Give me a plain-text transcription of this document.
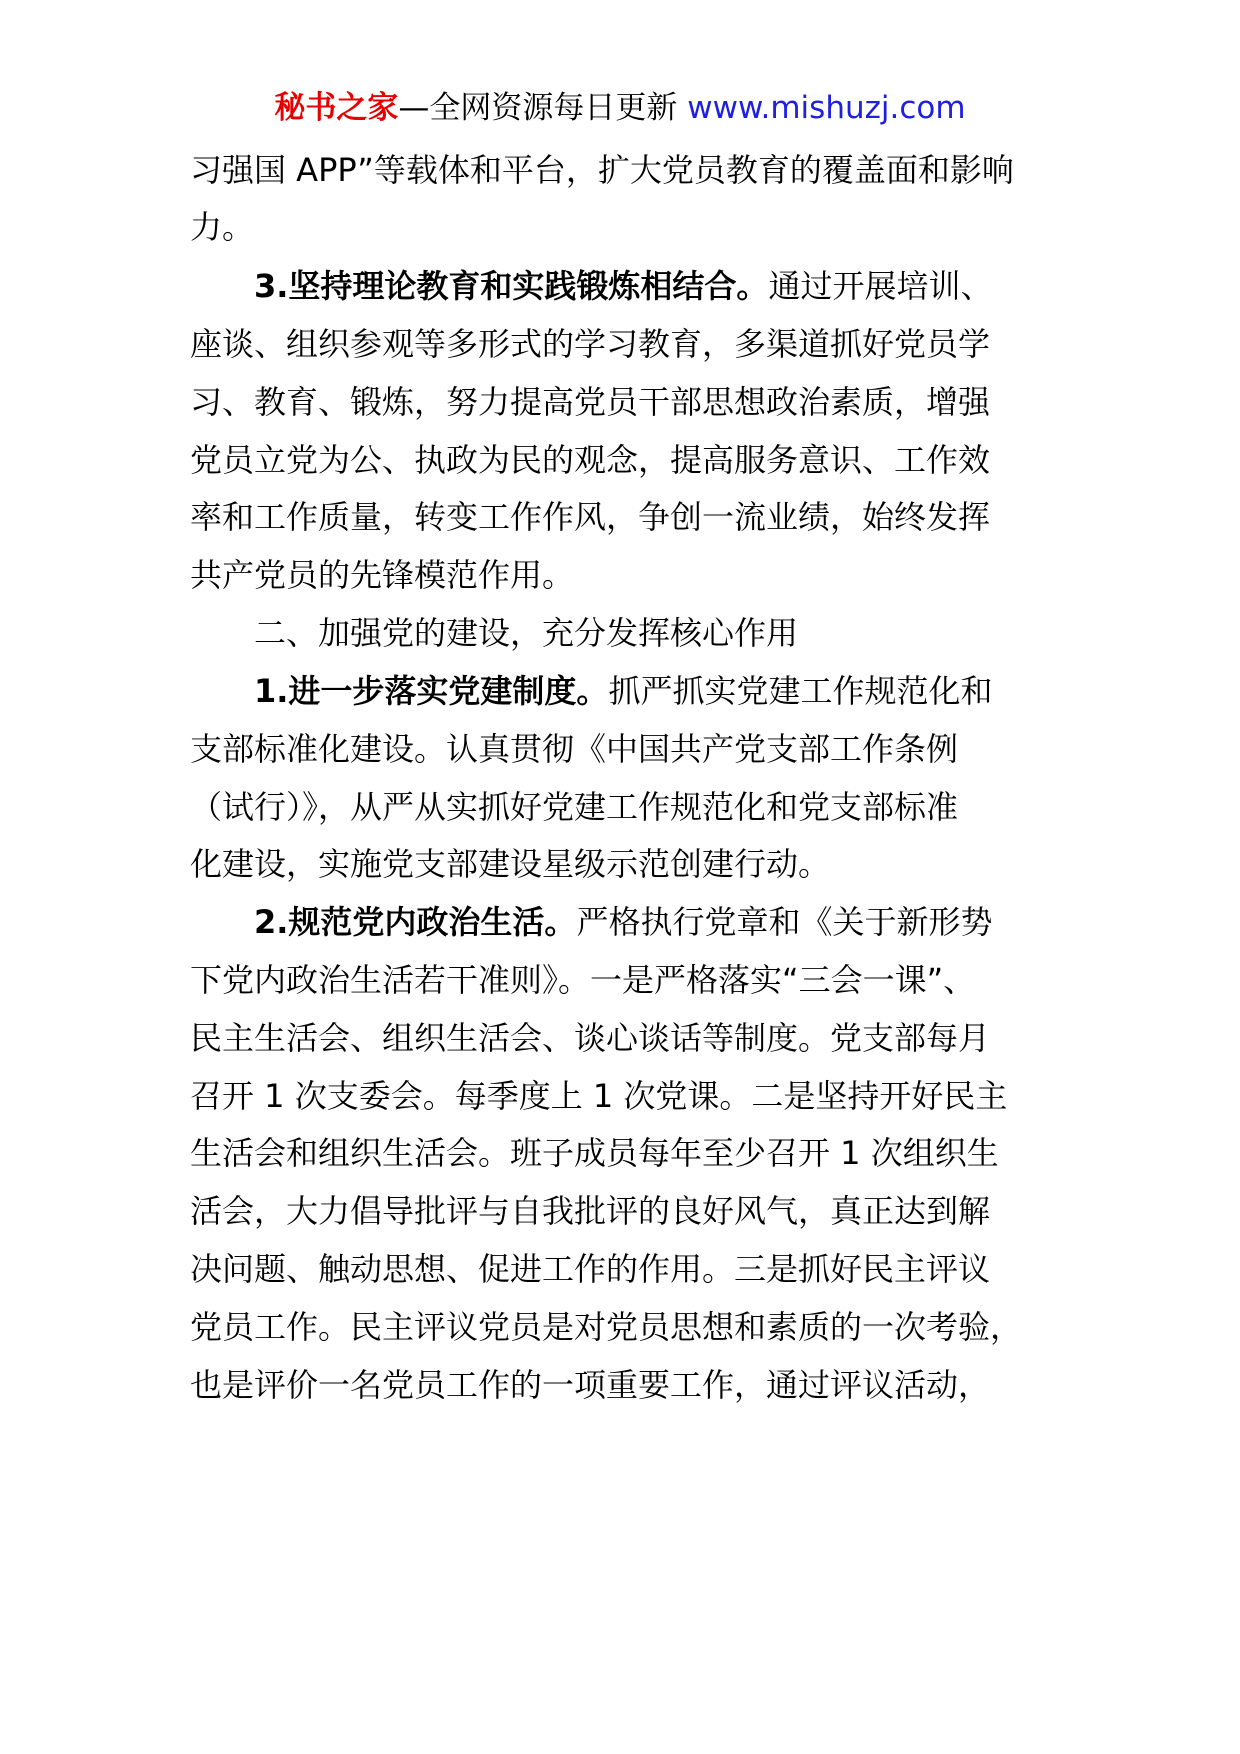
秘书之家—全网资源每日更新 www.mishuzj.com
习强国 APP”等载体和平台，扩大党员教育的覆盖面和影响
力。
3.坚持理论教育和实践锻炼相结合。通过开展培训、
座谈、组织参观等多形式的学习教育，多渠道抓好党员学
习、教育、锻炼，努力提高党员干部思想政治素质，增强
党员立党为公、执政为民的观念，提高服务意识、工作效
率和工作质量，转变工作作风，争创一流业绩，始终发挥
共产党员的先锋模范作用。
二、加强党的建设，充分发挥核心作用
1.进一步落实党建制度。抓严抓实党建工作规范化和
支部标准化建设。认真贯彻《中国共产党支部工作条例
（试行）》，从严从实抓好党建工作规范化和党支部标准
化建设，实施党支部建设星级示范创建行动。
2.规范党内政治生活。严格执行党章和《关于新形势
下党内政治生活若干准则》。一是严格落实“三会一课”、
民主生活会、组织生活会、谈心谈话等制度。党支部每月
召开 1 次支委会。每季度上 1 次党课。二是坚持开好民主
生活会和组织生活会。班子成员每年至少召开 1 次组织生
活会，大力倡导批评与自我批评的良好风气，真正达到解
决问题、触动思想、促进工作的作用。三是抓好民主评议
党员工作。民主评议党员是对党员思想和素质的一次考验，
也是评价一名党员工作的一项重要工作，通过评议活动，
